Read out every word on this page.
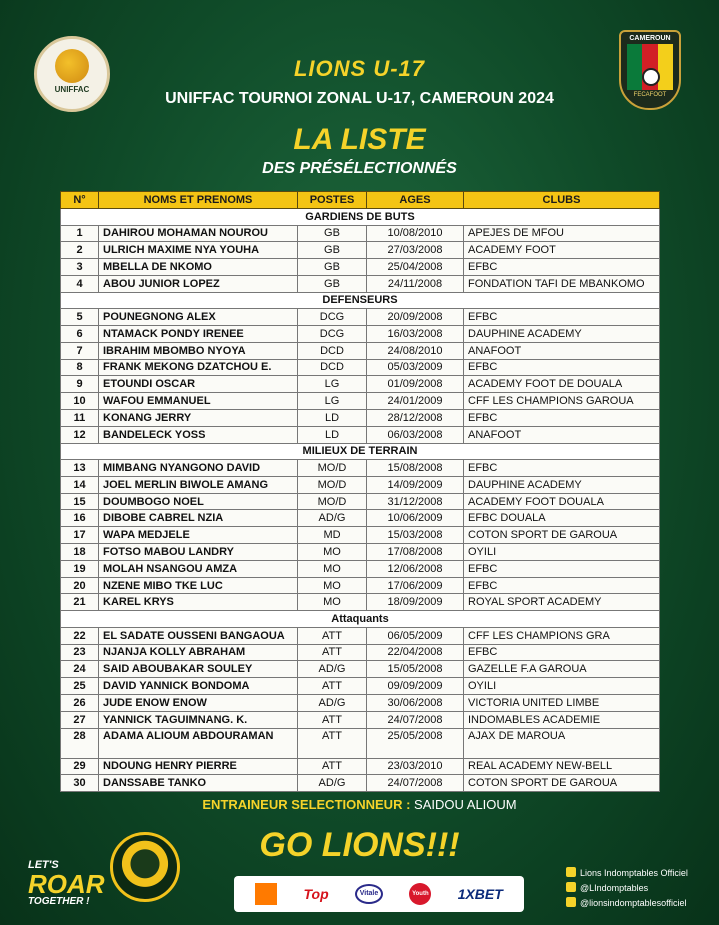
UNIFFAC
CAMEROUN
FECAFOOT
LIONS U-17
UNIFFAC TOURNOI ZONAL U-17, CAMEROUN 2024
LA LISTE
DES PRÉSÉLECTIONNÉS
N°	NOMS ET PRENOMS	POSTES	AGES	CLUBS
GARDIENS DE BUTS				
1	DAHIROU MOHAMAN NOUROU	GB	10/08/2010	APEJES DE MFOU
2	ULRICH MAXIME NYA YOUHA	GB	27/03/2008	ACADEMY FOOT
3	MBELLA DE NKOMO	GB	25/04/2008	EFBC
4	ABOU JUNIOR LOPEZ	GB	24/11/2008	FONDATION TAFI DE MBANKOMO
DEFENSEURS				
5	POUNEGNONG ALEX	DCG	20/09/2008	EFBC
6	NTAMACK PONDY IRENEE	DCG	16/03/2008	DAUPHINE ACADEMY
7	IBRAHIM MBOMBO NYOYA	DCD	24/08/2010	ANAFOOT
8	FRANK MEKONG DZATCHOU E.	DCD	05/03/2009	EFBC
9	ETOUNDI OSCAR	LG	01/09/2008	ACADEMY FOOT DE DOUALA
10	WAFOU EMMANUEL	LG	24/01/2009	CFF LES CHAMPIONS GAROUA
11	KONANG JERRY	LD	28/12/2008	EFBC
12	BANDELECK YOSS	LD	06/03/2008	ANAFOOT
MILIEUX DE TERRAIN				
13	MIMBANG NYANGONO DAVID	MO/D	15/08/2008	EFBC
14	JOEL MERLIN BIWOLE AMANG	MO/D	14/09/2009	DAUPHINE ACADEMY
15	DOUMBOGO NOEL	MO/D	31/12/2008	ACADEMY FOOT DOUALA
16	DIBOBE CABREL NZIA	AD/G	10/06/2009	EFBC DOUALA
17	WAPA MEDJELE	MD	15/03/2008	COTON SPORT DE GAROUA
18	FOTSO MABOU LANDRY	MO	17/08/2008	OYILI
19	MOLAH NSANGOU AMZA	MO	12/06/2008	EFBC
20	NZENE MIBO TKE LUC	MO	17/06/2009	EFBC
21	KAREL KRYS	MO	18/09/2009	ROYAL SPORT ACADEMY
Attaquants				
22	EL SADATE OUSSENI BANGAOUA	ATT	06/05/2009	CFF LES CHAMPIONS GRA
23	NJANJA KOLLY ABRAHAM	ATT	22/04/2008	EFBC
24	SAID ABOUBAKAR SOULEY	AD/G	15/05/2008	GAZELLE F.A GAROUA
25	DAVID YANNICK BONDOMA	ATT	09/09/2009	OYILI
26	JUDE ENOW ENOW	AD/G	30/06/2008	VICTORIA UNITED LIMBE
27	YANNICK TAGUIMNANG. K.	ATT	24/07/2008	INDOMABLES ACADEMIE
28	ADAMA ALIOUM ABDOURAMAN	ATT	25/05/2008	AJAX DE MAROUA
29	NDOUNG HENRY PIERRE	ATT	23/03/2010	REAL ACADEMY NEW-BELL
30	DANSSABE TANKO	AD/G	24/07/2008	COTON SPORT DE GAROUA
ENTRAINEUR SELECTIONNEUR : SAIDOU ALIOUM
GO LIONS!!!
LET'S
ROAR
TOGETHER !	Top	Vitale	Youth 1XBET
Lions Indomptables Officiel
@LIndomptables
@lionsindomptablesofficiel
